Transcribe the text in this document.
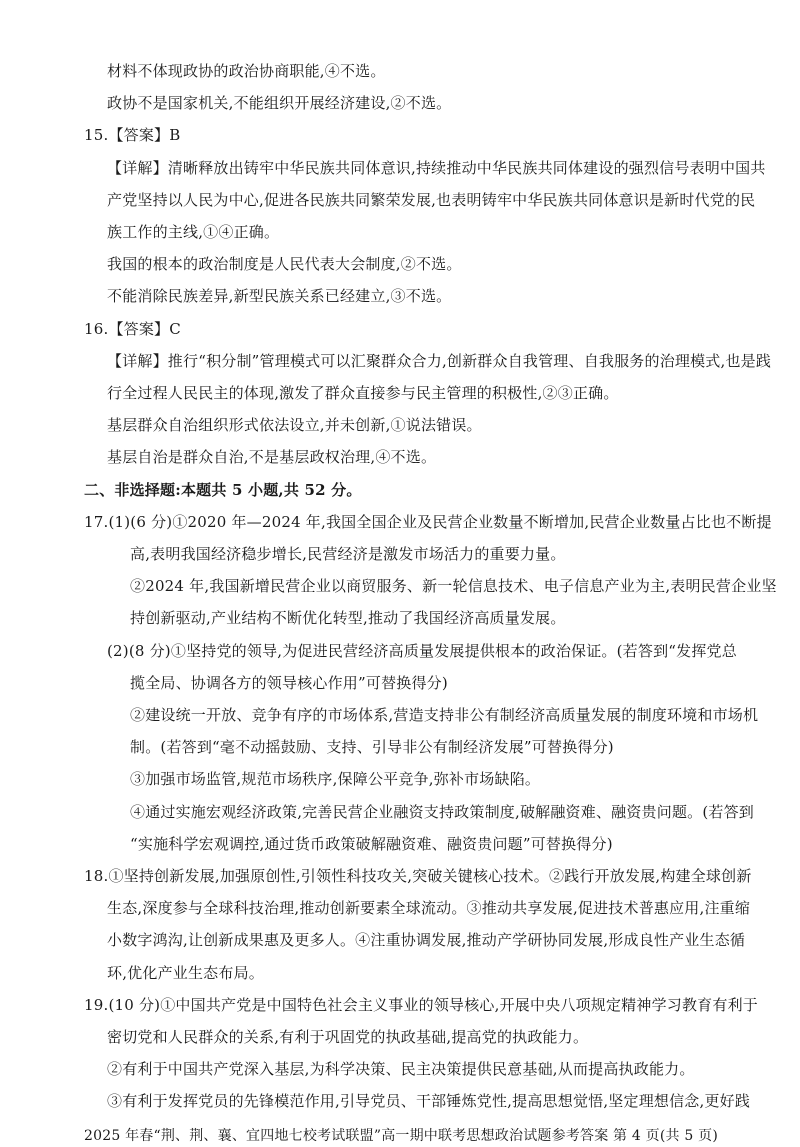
材料不体现政协的政治协商职能,④不选。
政协不是国家机关,不能组织开展经济建设,②不选。
15.【答案】B
【详解】清晰释放出铸牢中华民族共同体意识,持续推动中华民族共同体建设的强烈信号表明中国共
产党坚持以人民为中心,促进各民族共同繁荣发展,也表明铸牢中华民族共同体意识是新时代党的民
族工作的主线,①④正确。
我国的根本的政治制度是人民代表大会制度,②不选。
不能消除民族差异,新型民族关系已经建立,③不选。
16.【答案】C
【详解】推行“积分制”管理模式可以汇聚群众合力,创新群众自我管理、自我服务的治理模式,也是践
行全过程人民民主的体现,激发了群众直接参与民主管理的积极性,②③正确。
基层群众自治组织形式依法设立,并未创新,①说法错误。
基层自治是群众自治,不是基层政权治理,④不选。
二、非选择题:本题共 5 小题,共 52 分。
17.(1)(6 分)①2020 年—2024 年,我国全国企业及民营企业数量不断增加,民营企业数量占比也不断提
高,表明我国经济稳步增长,民营经济是激发市场活力的重要力量。
②2024 年,我国新增民营企业以商贸服务、新一轮信息技术、电子信息产业为主,表明民营企业坚
持创新驱动,产业结构不断优化转型,推动了我国经济高质量发展。
(2)(8 分)①坚持党的领导,为促进民营经济高质量发展提供根本的政治保证。(若答到“发挥党总
揽全局、协调各方的领导核心作用”可替换得分)
②建设统一开放、竞争有序的市场体系,营造支持非公有制经济高质量发展的制度环境和市场机
制。(若答到“毫不动摇鼓励、支持、引导非公有制经济发展”可替换得分)
③加强市场监管,规范市场秩序,保障公平竞争,弥补市场缺陷。
④通过实施宏观经济政策,完善民营企业融资支持政策制度,破解融资难、融资贵问题。(若答到
“实施科学宏观调控,通过货币政策破解融资难、融资贵问题”可替换得分)
18.①坚持创新发展,加强原创性,引领性科技攻关,突破关键核心技术。②践行开放发展,构建全球创新
生态,深度参与全球科技治理,推动创新要素全球流动。③推动共享发展,促进技术普惠应用,注重缩
小数字鸿沟,让创新成果惠及更多人。④注重协调发展,推动产学研协同发展,形成良性产业生态循
环,优化产业生态布局。
19.(10 分)①中国共产党是中国特色社会主义事业的领导核心,开展中央八项规定精神学习教育有利于
密切党和人民群众的关系,有利于巩固党的执政基础,提高党的执政能力。
②有利于中国共产党深入基层,为科学决策、民主决策提供民意基础,从而提高执政能力。
③有利于发挥党员的先锋模范作用,引导党员、干部锤炼党性,提高思想觉悟,坚定理想信念,更好践
2025 年春“荆、荆、襄、宜四地七校考试联盟”高一期中联考思想政治试题参考答案 第 4 页(共 5 页)
